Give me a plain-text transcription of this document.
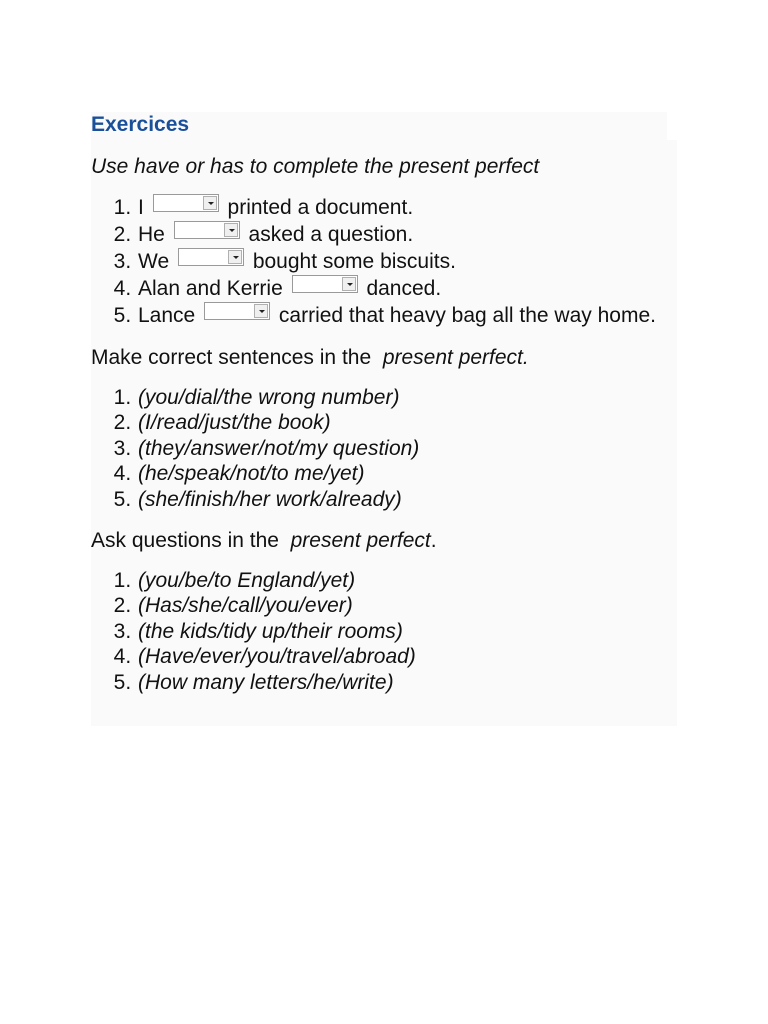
Exercices

Use have or has to complete the present perfect

1. I	printed a document.
2. He	asked a question.
3. We	bought some biscuits.
4. Alan and Kerrie	danced.
5. Lance	carried that heavy bag all the way home.

Make correct sentences in the present perfect.

1. (you/dial/the wrong number)
2. (I/read/just/the book)
3. (they/answer/not/my question)
4. (he/speak/not/to me/yet)
5. (she/finish/her work/already)

Ask questions in the present perfect.

1. (you/be/to England/yet)
2. (Has/she/call/you/ever)
3. (the kids/tidy up/their rooms)
4. (Have/ever/you/travel/abroad)
5. (How many letters/he/write)
